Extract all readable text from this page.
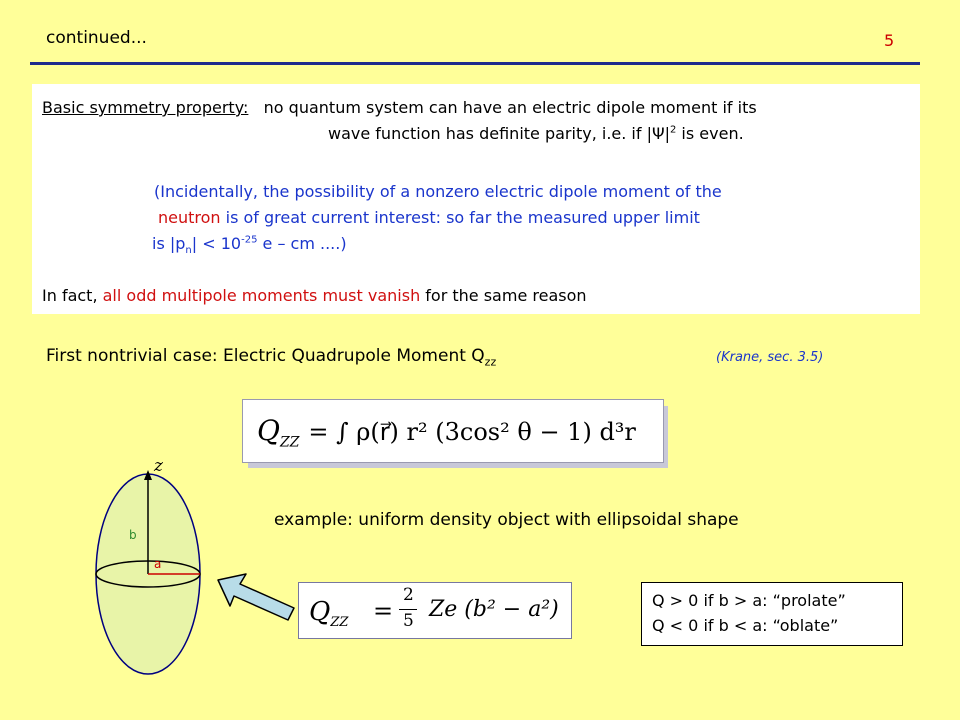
continued...	5
Basic symmetry property: no quantum system can have an electric dipole moment if its
wave function has definite parity, i.e. if $|\Psi|^2$ is even.
(Incidentally, the possibility of a nonzero electric dipole moment of the
neutron is of great current interest: so far the measured upper limit
is $|p_n| < 10^{-25}$ e – cm ....)
In fact, all odd multipole moments must vanish for the same reason
First nontrivial case: Electric Quadrupole Moment $Q_{zz}$	(Krane, sec. 3.5)
$Q_{ZZ}$ = ∫ ρ(r⃗) r² (3cos² θ − 1) d³r
z
b
a
example: uniform density object with ellipsoidal shape
$Q_{ZZ}$ =
2
5 Ze (b² − a²)	Q > 0 if b > a: “prolate”
Q < 0 if b < a: “oblate”
